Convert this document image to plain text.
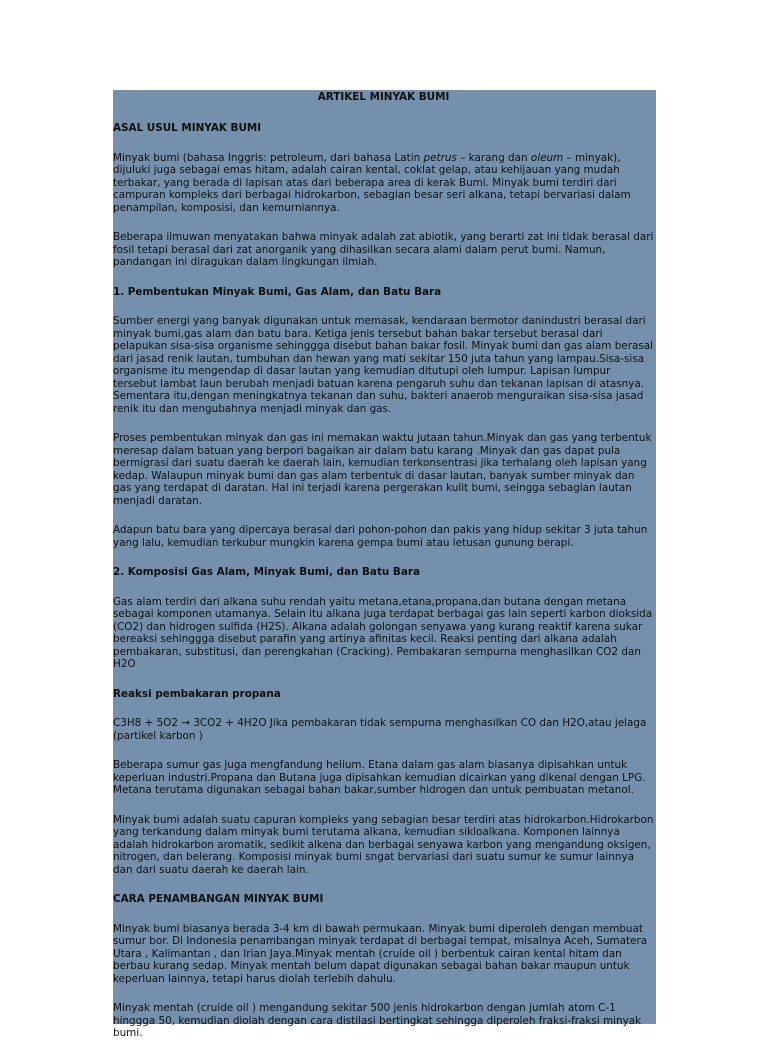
ARTIKEL MINYAK BUMI

ASAL USUL MINYAK BUMI

Minyak bumi (bahasa Inggris: petroleum, dari bahasa Latin petrus – karang dan oleum – minyak), dijuluki juga sebagai emas hitam, adalah cairan kental, coklat gelap, atau kehijauan yang mudah terbakar, yang berada di lapisan atas dari beberapa area di kerak Bumi. Minyak bumi terdiri dari campuran kompleks dari berbagai hidrokarbon, sebagian besar seri alkana, tetapi bervariasi dalam penampilan, komposisi, dan kemurniannya.

Beberapa ilmuwan menyatakan bahwa minyak adalah zat abiotik, yang berarti zat ini tidak berasal dari fosil tetapi berasal dari zat anorganik yang dihasilkan secara alami dalam perut bumi. Namun, pandangan ini diragukan dalam lingkungan ilmiah.

1. Pembentukan Minyak Bumi, Gas Alam, dan Batu Bara

Sumber energi yang banyak digunakan untuk memasak, kendaraan bermotor danindustri berasal dari minyak bumi,gas alam dan batu bara. Ketiga jenis tersebut bahan bakar tersebut berasal dari pelapukan sisa-sisa organisme sehinggga disebut bahan bakar fosil. Minyak bumi dan gas alam berasal dari jasad renik lautan, tumbuhan dan hewan yang mati sekitar 150 juta tahun yang lampau.Sisa-sisa organisme itu mengendap di dasar lautan yang kemudian ditutupi oleh lumpur. Lapisan lumpur tersebut lambat laun berubah menjadi batuan karena pengaruh suhu dan tekanan lapisan di atasnya. Sementara itu,dengan meningkatnya tekanan dan suhu, bakteri anaerob menguraikan sisa-sisa jasad renik itu dan mengubahnya menjadi minyak dan gas.

Proses pembentukan minyak dan gas ini memakan waktu jutaan tahun.Minyak dan gas yang terbentuk meresap dalam batuan yang berpori bagaikan air dalam batu karang .Minyak dan gas dapat pula bermigrasi dari suatu daerah ke daerah lain, kemudian terkonsentrasi jika terhalang oleh lapisan yang kedap. Walaupun minyak bumi dan gas alam terbentuk di dasar lautan, banyak sumber minyak dan gas yang terdapat di daratan. Hal ini terjadi karena pergerakan kulit bumi, seingga sebagian lautan menjadi daratan.

Adapun batu bara yang dipercaya berasal dari pohon-pohon dan pakis yang hidup sekitar 3 juta tahun yang lalu, kemudian terkubur mungkin karena gempa bumi atau letusan gunung berapi.

2. Komposisi Gas Alam, Minyak Bumi, dan Batu Bara

Gas alam terdiri dari alkana suhu rendah yaitu metana,etana,propana,dan butana dengan metana sebagai komponen utamanya. Selain itu alkana juga terdapat berbagai gas lain seperti karbon dioksida (CO2) dan hidrogen sulfida (H2S). Alkana adalah golongan senyawa yang kurang reaktif karena sukar bereaksi sehinggga disebut parafin yang artinya afinitas kecil. Reaksi penting dari alkana adalah pembakaran, substitusi, dan perengkahan (Cracking). Pembakaran sempurna menghasilkan CO2 dan H2O

Reaksi pembakaran propana

C3H8 + 5O2 → 3CO2 + 4H2O Jika pembakaran tidak sempurna menghasilkan CO dan H2O,atau jelaga (partikel karbon )

Beberapa sumur gas juga mengfandung helium. Etana dalam gas alam biasanya dipisahkan untuk keperluan industri.Propana dan Butana juga dipisahkan kemudian dicairkan yang dikenal dengan LPG. Metana terutama digunakan sebagai bahan bakar,sumber hidrogen dan untuk pembuatan metanol.

Minyak bumi adalah suatu capuran kompleks yang sebagian besar terdiri atas hidrokarbon.Hidrokarbon yang terkandung dalam minyak bumi terutama alkana, kemudian sikloalkana. Komponen lainnya adalah hidrokarbon aromatik, sedikit alkena dan berbagai senyawa karbon yang mengandung oksigen, nitrogen, dan belerang. Komposisi minyak bumi sngat bervariasi dari suatu sumur ke sumur lainnya dan dari suatu daerah ke daerah lain.

CARA PENAMBANGAN MINYAK BUMI

Minyak bumi biasanya berada 3-4 km di bawah permukaan. Minyak bumi diperoleh dengan membuat sumur bor. Di Indonesia penambangan minyak terdapat di berbagai tempat, misalnya Aceh, Sumatera Utara , Kalimantan , dan Irian Jaya.Minyak mentah (cruide oil ) berbentuk cairan kental hitam dan berbau kurang sedap. Minyak mentah belum dapat digunakan sebagai bahan bakar maupun untuk keperluan lainnya, tetapi harus diolah terlebih dahulu.

Minyak mentah (cruide oil ) mengandung sekitar 500 jenis hidrokarbon dengan jumlah atom C-1 hinggga 50, kemudian diolah dengan cara distilasi bertingkat sehingga diperoleh fraksi-fraksi minyak bumi.
